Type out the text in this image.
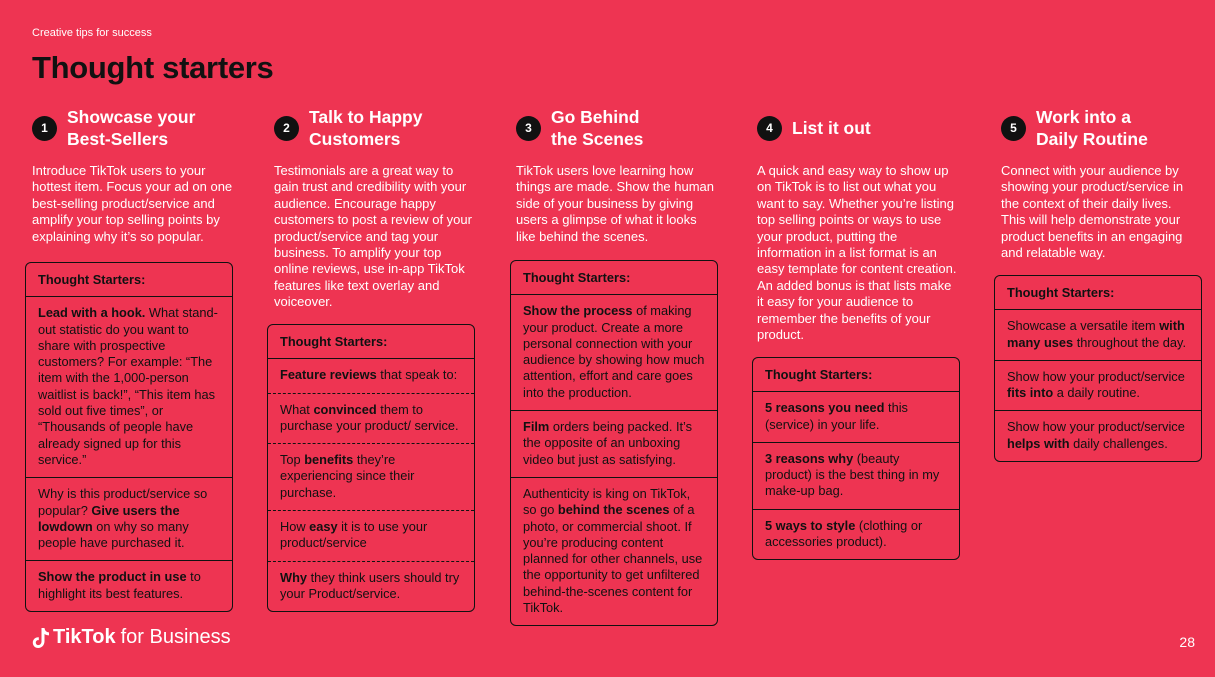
Creative tips for success
Thought starters
1
Showcase your
Best-Sellers

Introduce TikTok users to your hottest item. Focus your ad on one best-selling product/service and amplify your top selling points by explaining why it’s so popular.

Thought Starters:
Lead with a hook. What stand-out statistic do you want to share with prospective customers? For example: “The item with the 1,000-person waitlist is back!”, “This item has sold out five times”, or “Thousands of people have already signed up for this service.”
Why is this product/service so popular? Give users the lowdown on why so many people have purchased it.
Show the product in use to highlight its best features.
2
Talk to Happy
Customers

Testimonials are a great way to gain trust and credibility with your audience. Encourage happy customers to post a review of your product/service and tag your business. To amplify your top online reviews, use in-app TikTok features like text overlay and voiceover.

Thought Starters:
Feature reviews that speak to:
What convinced them to purchase your product/ service.
Top benefits they’re experiencing since their purchase.
How easy it is to use your product/service
Why they think users should try your Product/service.
3
Go Behind
the Scenes

TikTok users love learning how things are made. Show the human side of your business by giving users a glimpse of what it looks like behind the scenes.

Thought Starters:
Show the process of making your product. Create a more personal connection with your audience by showing how much attention, effort and care goes into the production.
Film orders being packed. It’s the opposite of an unboxing video but just as satisfying.
Authenticity is king on TikTok, so go behind the scenes of a photo, or commercial shoot. If you’re producing content planned for other channels, use the opportunity to get unfiltered behind-the-scenes content for TikTok.
4	List it out

A quick and easy way to show up on TikTok is to list out what you want to say. Whether you’re listing top selling points or ways to use your product, putting the information in a list format is an easy template for content creation. An added bonus is that lists make it easy for your audience to remember the benefits of your product.

Thought Starters:
5 reasons you need this (service) in your life.
3 reasons why (beauty product) is the best thing in my make-up bag.
5 ways to style (clothing or accessories product).
5
Work into a
Daily Routine

Connect with your audience by showing your product/service in the context of their daily lives. This will help demonstrate your product benefits in an engaging and relatable way.

Thought Starters:
Showcase a versatile item with many uses throughout the day.
Show how your product/service fits into a daily routine.
Show how your product/service helps with daily challenges.
TikTok for Business	28
